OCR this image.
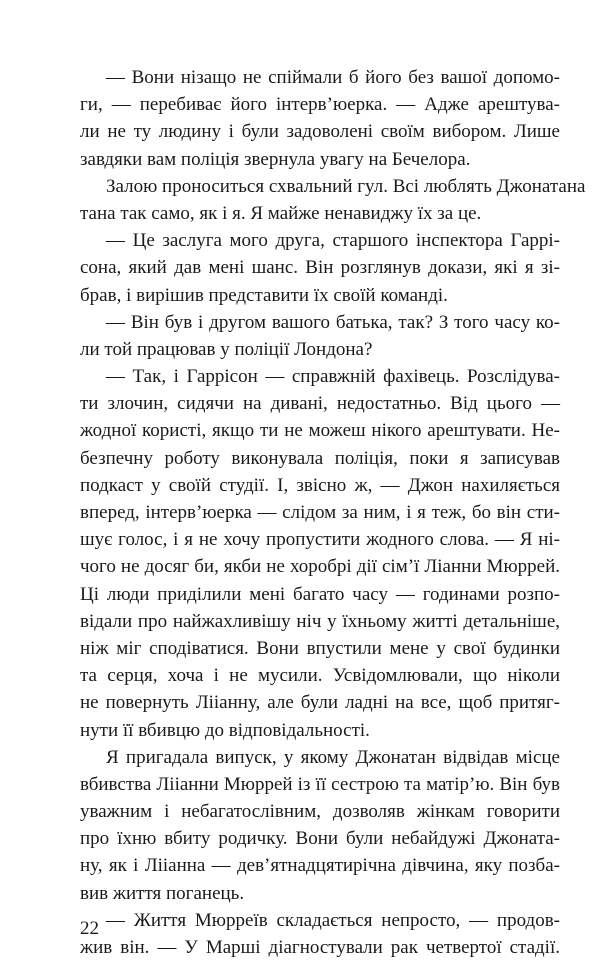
— Вони нізащо не спіймали б його без вашої допомо-
ги, — перебиває його інтерв’юерка. — Адже арештува-
ли не ту людину і були задоволені своїм вибором. Лише
завдяки вам поліція звернула увагу на Бечелора.
Залою проноситься схвальний гул. Всі люблять Джонатана
тана так само, як і я. Я майже ненавиджу їх за це.
— Це заслуга мого друга, старшого інспектора Гаррі-
сона, який дав мені шанс. Він розглянув докази, які я зі-
брав, і вирішив представити їх своїй команді.
— Він був і другом вашого батька, так? З того часу ко-
ли той працював у поліції Лондона?
— Так, і Гаррісон — справжній фахівець. Розслідува-
ти злочин, сидячи на дивані, недостатньо. Від цього —
жодної користі, якщо ти не можеш нікого арештувати. Не-
безпечну роботу виконувала поліція, поки я записував
подкаст у своїй студії. І, звісно ж, — Джон нахиляється
вперед, інтерв’юерка — слідом за ним, і я теж, бо він сти-
шує голос, і я не хочу пропустити жодного слова. — Я ні-
чого не досяг би, якби не хоробрі дії сім’ї Ліанни Мюррей.
Ці люди приділили мені багато часу — годинами розпо-
відали про найжахливішу ніч у їхньому житті детальніше,
ніж міг сподіватися. Вони впустили мене у свої будинки
та серця, хоча і не мусили. Усвідомлювали, що ніколи
не повернуть Лііанну, але були ладні на все, щоб притяг-
нути її вбивцю до відповідальності.
Я пригадала випуск, у якому Джонатан відвідав місце
вбивства Лііанни Мюррей із її сестрою та матір’ю. Він був
уважним і небагатослівним, дозволяв жінкам говорити
про їхню вбиту родичку. Вони були небайдужі Джоната-
ну, як і Лііанна — дев’ятнадцятирічна дівчина, яку позба-
вив життя поганець.
— Життя Мюрреїв складається непросто, — продов-
жив він. — У Марші діагностували рак четвертої стадії.
22
